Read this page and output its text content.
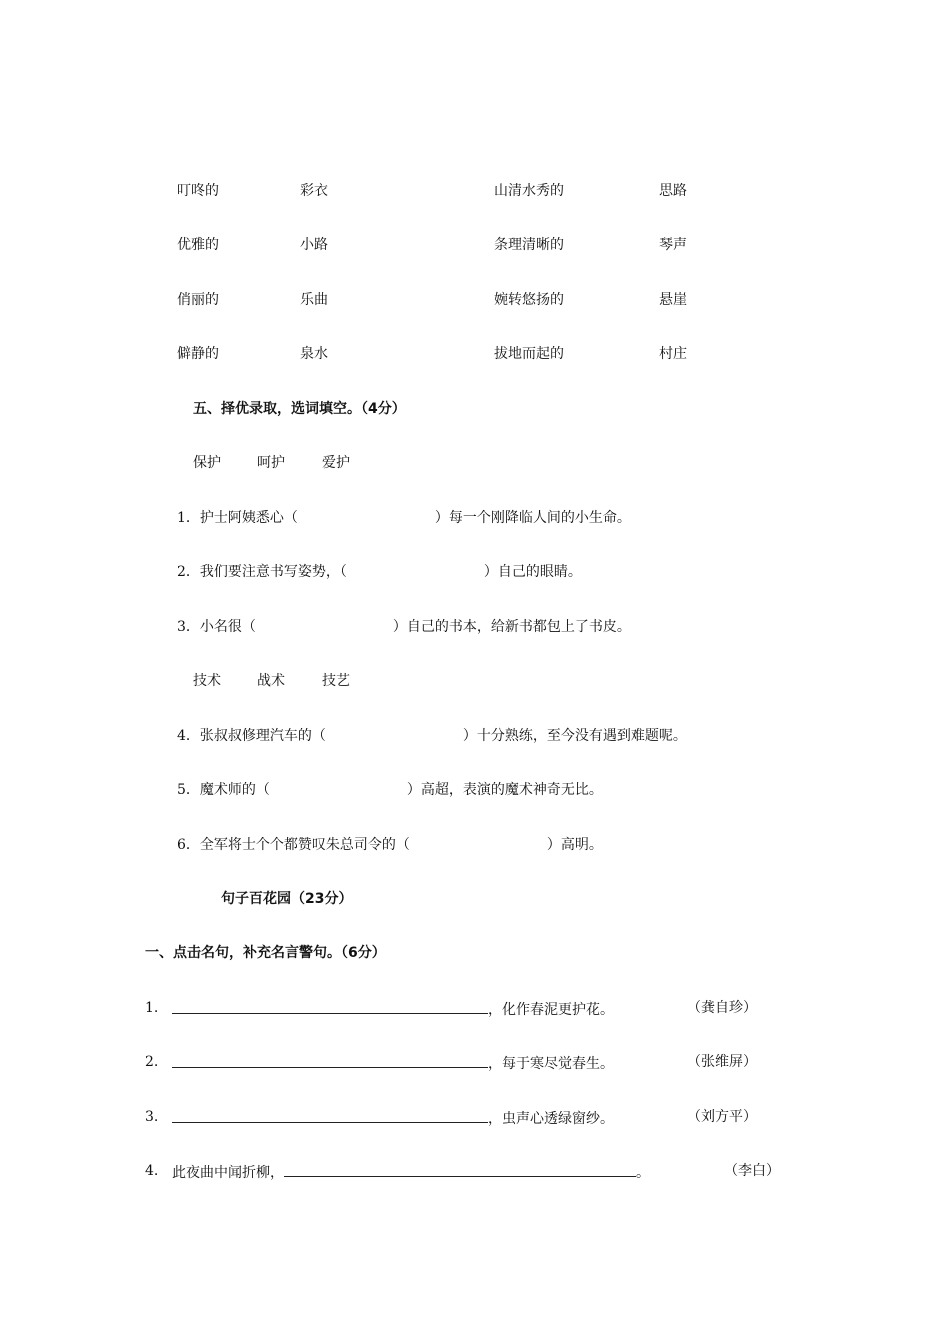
叮咚的	彩衣	山清水秀的	思路
优雅的	小路	条理清晰的	琴声
俏丽的	乐曲	婉转悠扬的	悬崖
僻静的	泉水	拔地而起的	村庄
五、择优录取，选词填空。（4分）
保护	呵护	爱护
1．护士阿姨悉心（	）每一个刚降临人间的小生命。
2．我们要注意书写姿势，（	）自己的眼睛。
3．小名很（	）自己的书本，给新书都包上了书皮。
技术	战术	技艺
4．张叔叔修理汽车的（	）十分熟练，至今没有遇到难题呢。
5．魔术师的（	）高超，表演的魔术神奇无比。
6．全军将士个个都赞叹朱总司令的（	）高明。
句子百花园（23分）
一、点击名句，补充名言警句。（6分）
1.	，化作春泥更护花。	（龚自珍）
2.	，每于寒尽觉春生。	（张维屏）
3.	，虫声心透绿窗纱。	（刘方平）
4. 此夜曲中闻折柳，	。	（李白）
